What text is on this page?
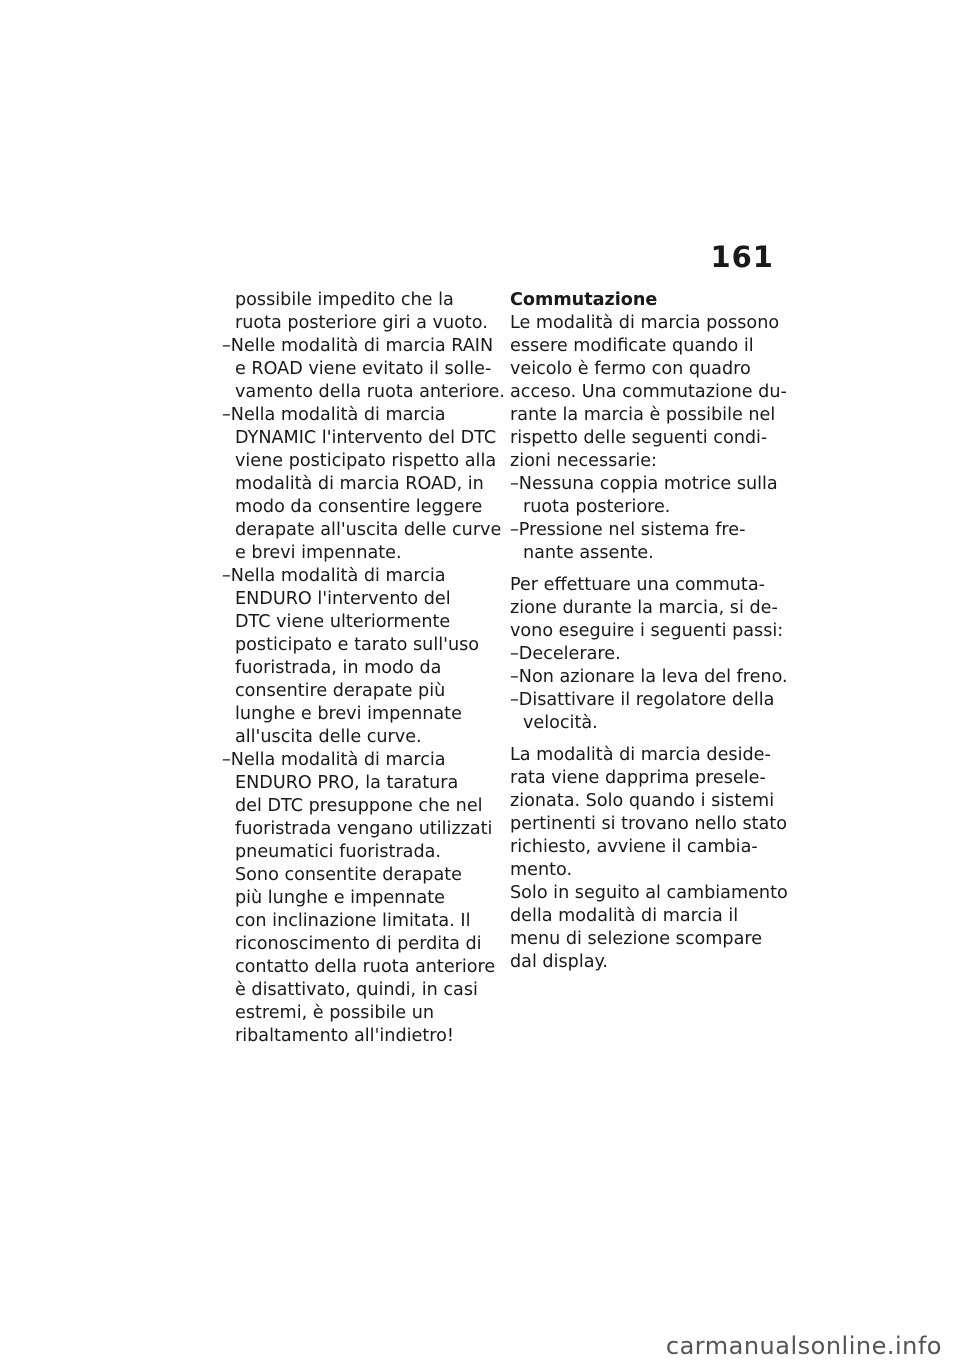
161
possibile impedito che la
ruota posteriore giri a vuoto.
–Nelle modalità di marcia RAIN
e ROAD viene evitato il solle-
vamento della ruota anteriore.
–Nella modalità di marcia
DYNAMIC l'intervento del DTC
viene posticipato rispetto alla
modalità di marcia ROAD, in
modo da consentire leggere
derapate all'uscita delle curve
e brevi impennate.
–Nella modalità di marcia
ENDURO l'intervento del
DTC viene ulteriormente
posticipato e tarato sull'uso
fuoristrada, in modo da
consentire derapate più
lunghe e brevi impennate
all'uscita delle curve.
–Nella modalità di marcia
ENDURO PRO, la taratura
del DTC presuppone che nel
fuoristrada vengano utilizzati
pneumatici fuoristrada.
Sono consentite derapate
più lunghe e impennate
con inclinazione limitata. Il
riconoscimento di perdita di
contatto della ruota anteriore
è disattivato, quindi, in casi
estremi, è possibile un
ribaltamento all'indietro!
Commutazione
Le modalità di marcia possono
essere modificate quando il
veicolo è fermo con quadro
acceso. Una commutazione du-
rante la marcia è possibile nel
rispetto delle seguenti condi-
zioni necessarie:
–Nessuna coppia motrice sulla
ruota posteriore.
–Pressione nel sistema fre-
nante assente.
Per effettuare una commuta-
zione durante la marcia, si de-
vono eseguire i seguenti passi:
–Decelerare.
–Non azionare la leva del freno.
–Disattivare il regolatore della
velocità.
La modalità di marcia deside-
rata viene dapprima presele-
zionata. Solo quando i sistemi
pertinenti si trovano nello stato
richiesto, avviene il cambia-
mento.
Solo in seguito al cambiamento
della modalità di marcia il
menu di selezione scompare
dal display.
carmanualsonline.info
